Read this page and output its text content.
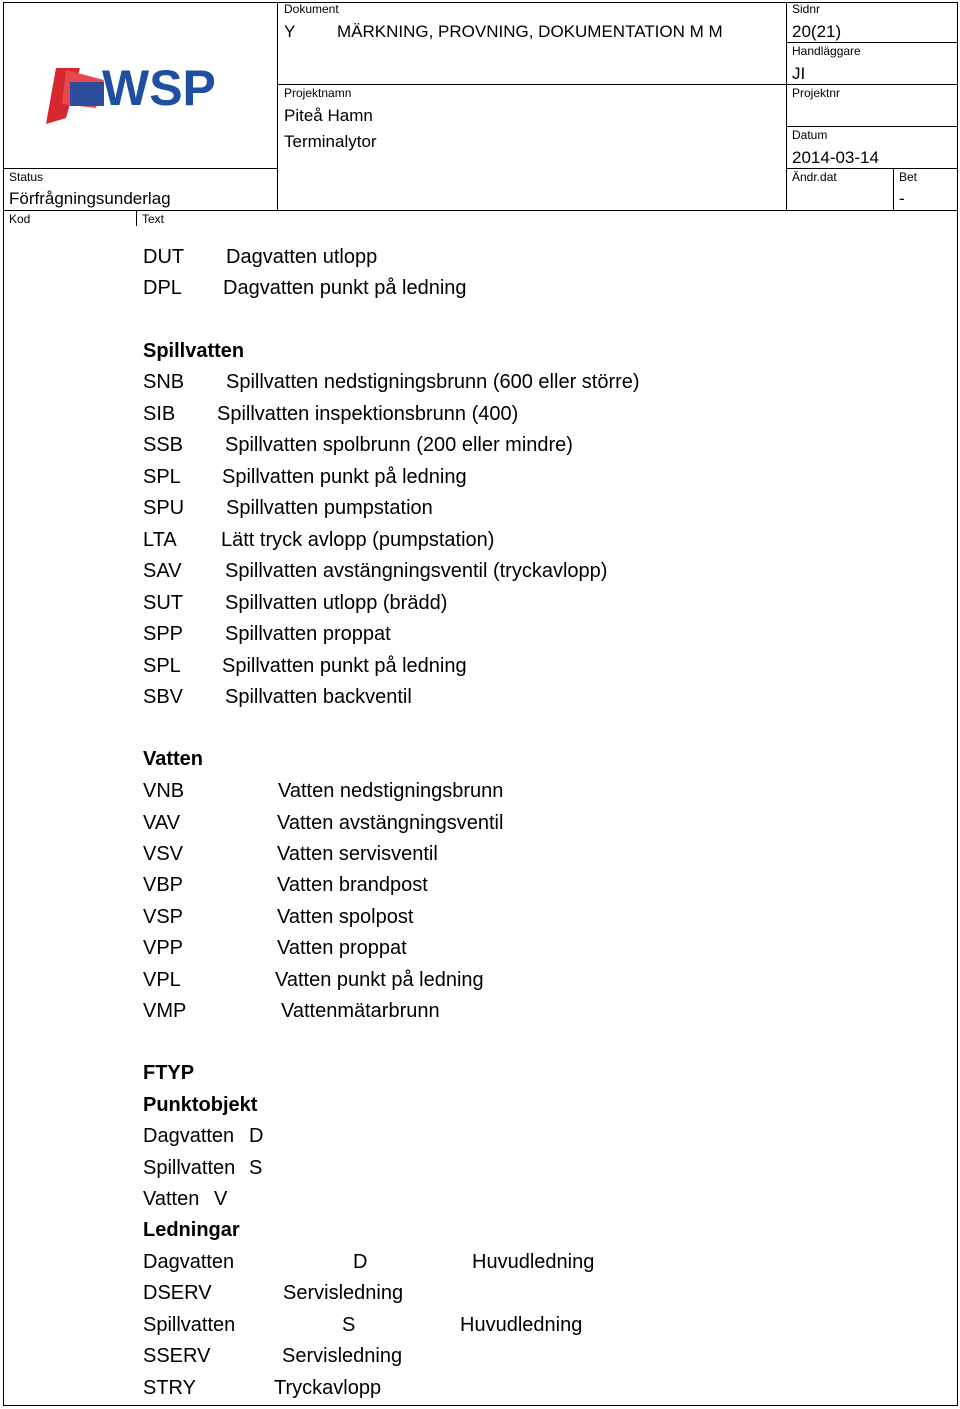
WSP
Dokument
Y MÄRKNING, PROVNING, DOKUMENTATION M M
Sidnr
20(21)
Handläggare
JI
Projektnamn
Piteå Hamn
Terminalytor
Projektnr
Datum
2014-03-14
Status
Förfrågningsunderlag
Ändr.dat	Bet
-
Kod	Text
DUT Dagvatten utlopp
DPL Dagvatten punkt på ledning
Spillvatten
SNB Spillvatten nedstigningsbrunn (600 eller större)
SIB Spillvatten inspektionsbrunn (400)
SSB Spillvatten spolbrunn (200 eller mindre)
SPL Spillvatten punkt på ledning
SPU Spillvatten pumpstation
LTA Lätt tryck avlopp (pumpstation)
SAV Spillvatten avstängningsventil (tryckavlopp)
SUT Spillvatten utlopp (brädd)
SPP Spillvatten proppat
SPL Spillvatten punkt på ledning
SBV Spillvatten backventil
Vatten
VNB	Vatten nedstigningsbrunn
VAV	Vatten avstängningsventil
VSV	Vatten servisventil
VBP	Vatten brandpost
VSP	Vatten spolpost
VPP	Vatten proppat
VPL	Vatten punkt på ledning
VMP	Vattenmätarbrunn
FTYP
Punktobjekt
Dagvatten D
Spillvatten S
Vatten V
Ledningar
Dagvatten	D	Huvudledning
DSERV	Servisledning
Spillvatten	S	Huvudledning
SSERV	Servisledning
STRY	Tryckavlopp
